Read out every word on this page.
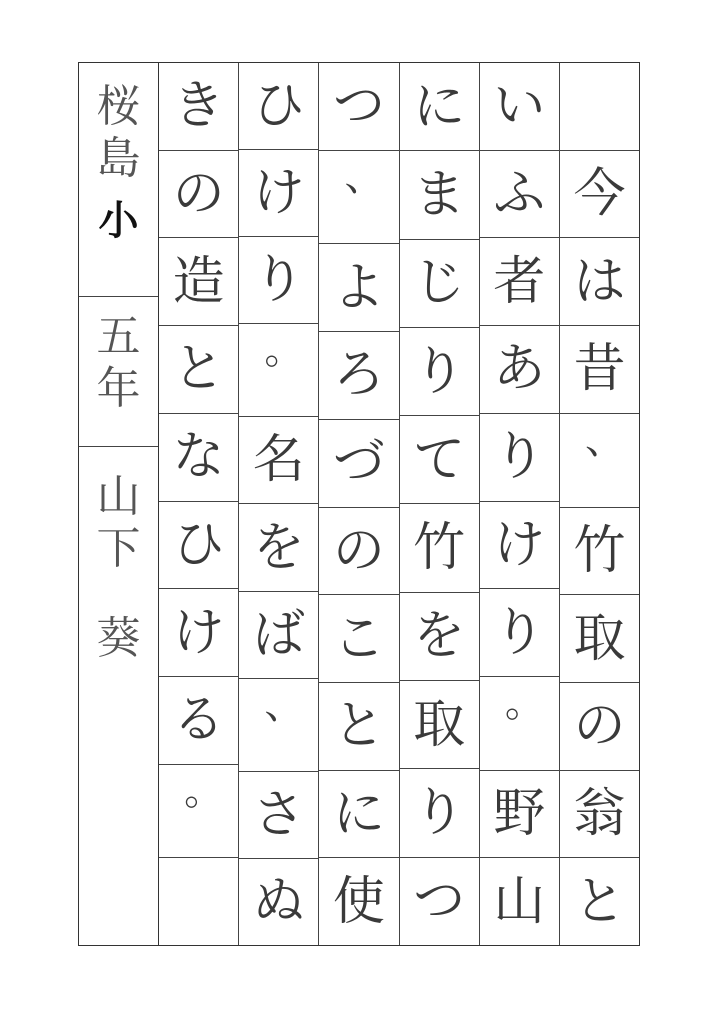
桜
島
小
五
年
山
下
葵
き
の
造
と
な
ひ
け
る
。
ひ
け
り
。
名
を
ば
、
さ
ぬ
つ
、
よ
ろ
づ
の
こ
と
に
使
に
ま
じ
り
て
竹
を
取
り
つ
い
ふ
者
あ
り
け
り
。
野
山
今
は
昔
、
竹
取
の
翁
と
